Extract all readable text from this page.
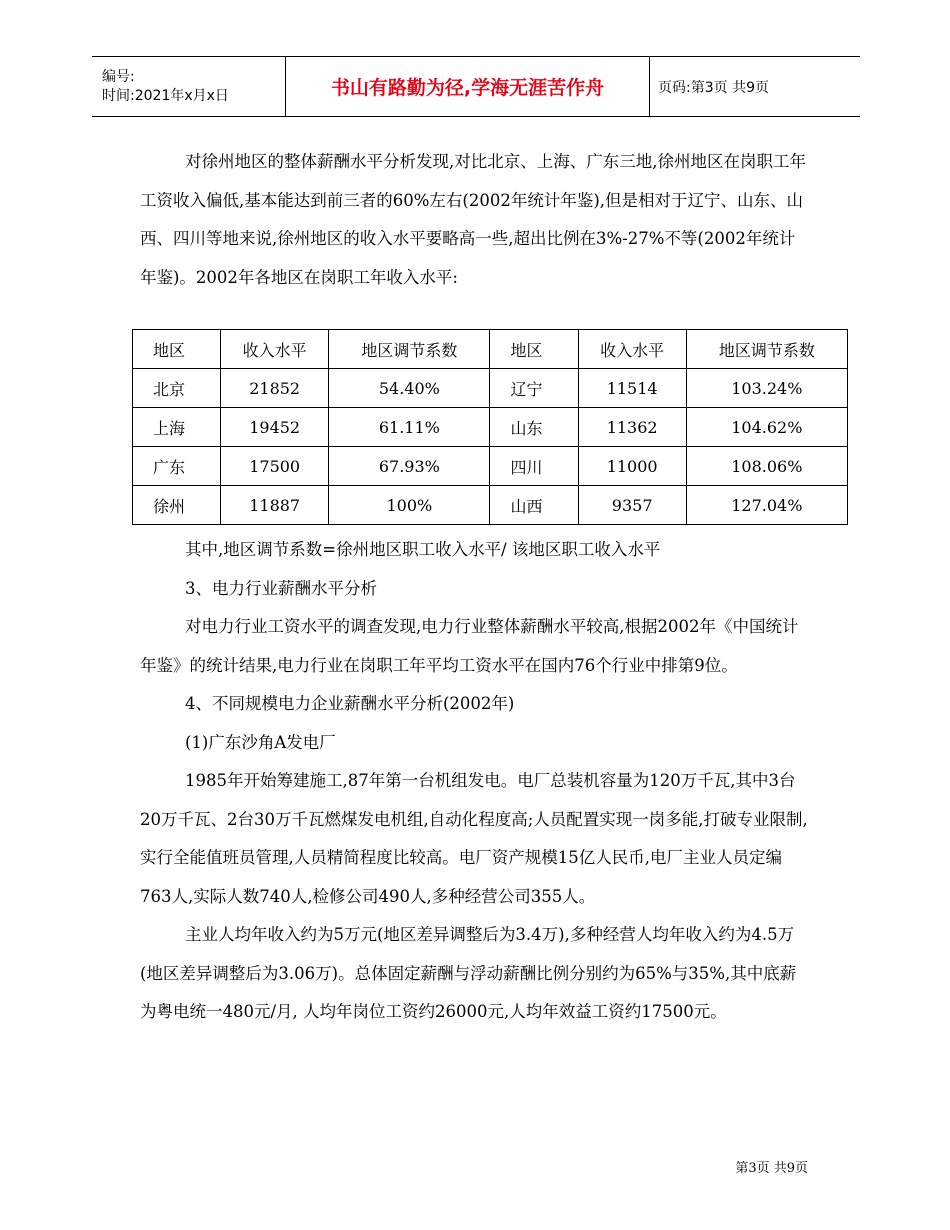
编号:
时间:2021年x月x日	书山有路勤为径,学海无涯苦作舟	页码:第3页 共9页

对徐州地区的整体薪酬水平分析发现,对比北京、上海、广东三地,徐州地区在岗职工年工资收入偏低,基本能达到前三者的60%左右(2002年统计年鉴),但是相对于辽宁、山东、山西、四川等地来说,徐州地区的收入水平要略高一些,超出比例在3%-27%不等(2002年统计年鉴)。2002年各地区在岗职工年收入水平:

地区	收入水平	地区调节系数	地区	收入水平	地区调节系数
北京	21852	54.40%	辽宁	11514	103.24%
上海	19452	61.11%	山东	11362	104.62%
广东	17500	67.93%	四川	11000	108.06%
徐州	11887	100%	山西	9357	127.04%

其中,地区调节系数=徐州地区职工收入水平/ 该地区职工收入水平

3、电力行业薪酬水平分析

对电力行业工资水平的调查发现,电力行业整体薪酬水平较高,根据2002年《中国统计年鉴》的统计结果,电力行业在岗职工年平均工资水平在国内76个行业中排第9位。

4、不同规模电力企业薪酬水平分析(2002年)

(1)广东沙角A发电厂

1985年开始筹建施工,87年第一台机组发电。电厂总装机容量为120万千瓦,其中3台20万千瓦、2台30万千瓦燃煤发电机组,自动化程度高;人员配置实现一岗多能,打破专业限制,实行全能值班员管理,人员精简程度比较高。电厂资产规模15亿人民币,电厂主业人员定编763人,实际人数740人,检修公司490人,多种经营公司355人。

主业人均年收入约为5万元(地区差异调整后为3.4万),多种经营人均年收入约为4.5万(地区差异调整后为3.06万)。总体固定薪酬与浮动薪酬比例分别约为65%与35%,其中底薪为粤电统一480元/月, 人均年岗位工资约26000元,人均年效益工资约17500元。

第3页 共9页
